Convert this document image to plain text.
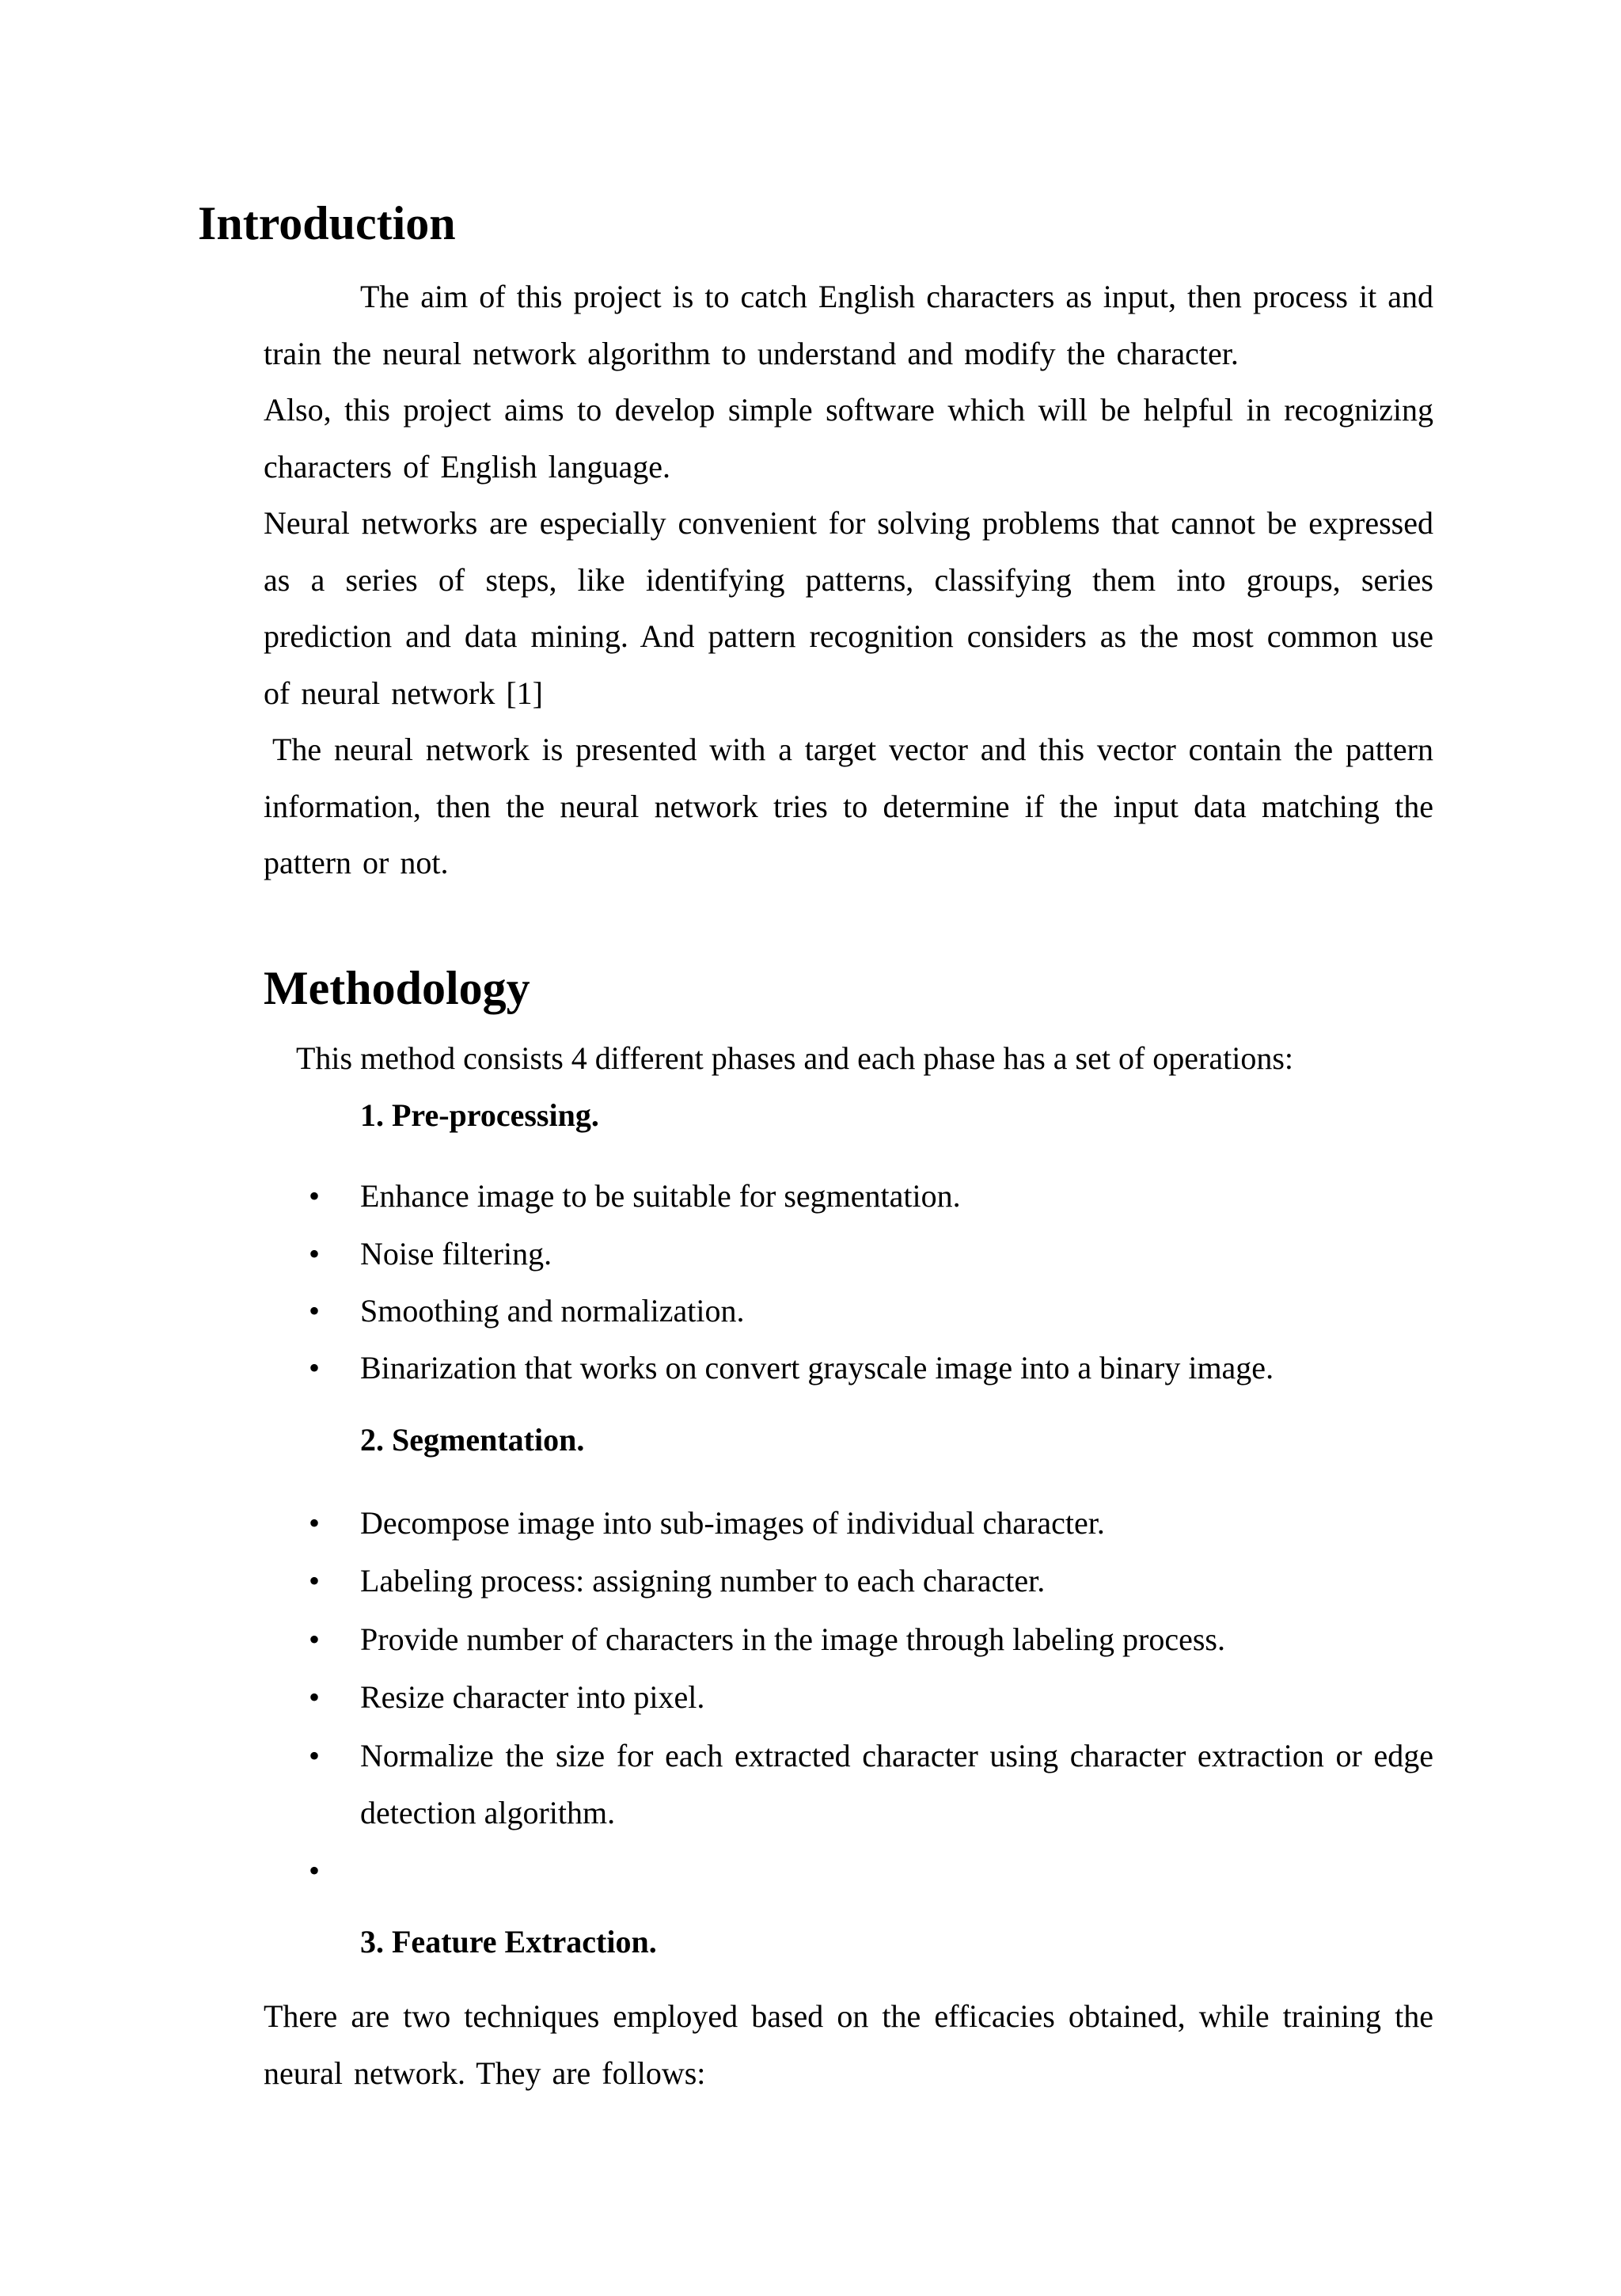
Introduction

The aim of this project is to catch English characters as input, then process it and train the neural network algorithm to understand and modify the character.

Also, this project aims to develop simple software which will be helpful in recognizing characters of English language.

Neural networks are especially convenient for solving problems that cannot be expressed as a series of steps, like identifying patterns, classifying them into groups, series prediction and data mining. And pattern recognition considers as the most common use of neural network [1]

The neural network is presented with a target vector and this vector contain the pattern information, then the neural network tries to determine if the input data matching the pattern or not.

Methodology

This method consists 4 different phases and each phase has a set of operations:

1. Pre-processing.

•	Enhance image to be suitable for segmentation.
•	Noise filtering.
•	Smoothing and normalization.
•	Binarization that works on convert grayscale image into a binary image.

2. Segmentation.

•	Decompose image into sub-images of individual character.
•	Labeling process: assigning number to each character.
•	Provide number of characters in the image through labeling process.
•	Resize character into pixel.
•	Normalize the size for each extracted character using character extraction or edge detection algorithm.
•

3. Feature Extraction.

There are two techniques employed based on the efficacies obtained, while training the neural network. They are follows:
